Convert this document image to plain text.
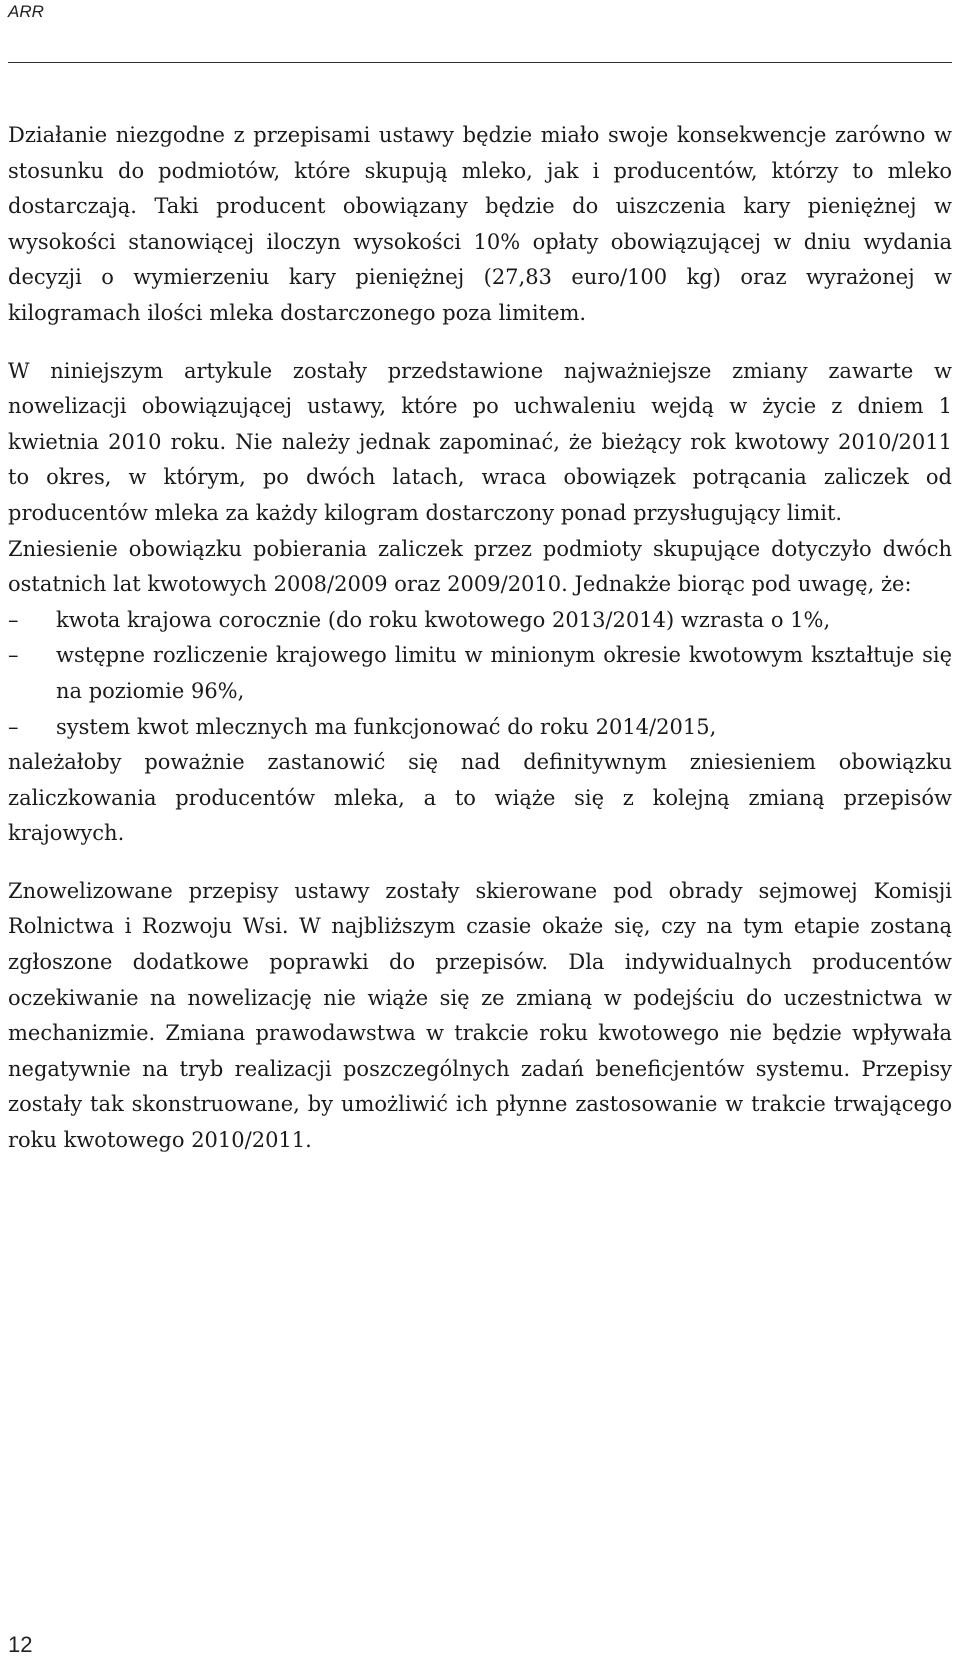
ARR

Działanie niezgodne z przepisami ustawy będzie miało swoje konsekwencje zarówno w stosunku do podmiotów, które skupują mleko, jak i producentów, którzy to mleko dostarczają. Taki producent obowiązany będzie do uiszczenia kary pieniężnej w wysokości stanowiącej iloczyn wysokości 10% opłaty obowiązującej w dniu wydania decyzji o wymierzeniu kary pieniężnej (27,83 euro/100 kg) oraz wyrażonej w kilogramach ilości mleka dostarczonego poza limitem.

W niniejszym artykule zostały przedstawione najważniejsze zmiany zawarte w nowelizacji obowiązującej ustawy, które po uchwaleniu wejdą w życie z dniem 1 kwietnia 2010 roku. Nie należy jednak zapominać, że bieżący rok kwotowy 2010/2011 to okres, w którym, po dwóch latach, wraca obowiązek potrącania zaliczek od producentów mleka za każdy kilogram dostarczony ponad przysługujący limit.

Zniesienie obowiązku pobierania zaliczek przez podmioty skupujące dotyczyło dwóch ostatnich lat kwotowych 2008/2009 oraz 2009/2010. Jednakże biorąc pod uwagę, że:

– kwota krajowa corocznie (do roku kwotowego 2013/2014) wzrasta o 1%,
– wstępne rozliczenie krajowego limitu w minionym okresie kwotowym kształtuje się na poziomie 96%,
– system kwot mlecznych ma funkcjonować do roku 2014/2015,

należałoby poważnie zastanowić się nad definitywnym zniesieniem obowiązku zaliczkowania producentów mleka, a to wiąże się z kolejną zmianą przepisów krajowych.

Znowelizowane przepisy ustawy zostały skierowane pod obrady sejmowej Komisji Rolnictwa i Rozwoju Wsi. W najbliższym czasie okaże się, czy na tym etapie zostaną zgłoszone dodatkowe poprawki do przepisów. Dla indywidualnych producentów oczekiwanie na nowelizację nie wiąże się ze zmianą w podejściu do uczestnictwa w mechanizmie. Zmiana prawodawstwa w trakcie roku kwotowego nie będzie wpływała negatywnie na tryb realizacji poszczególnych zadań beneficjentów systemu. Przepisy zostały tak skonstruowane, by umożliwić ich płynne zastosowanie w trakcie trwającego roku kwotowego 2010/2011.

12
